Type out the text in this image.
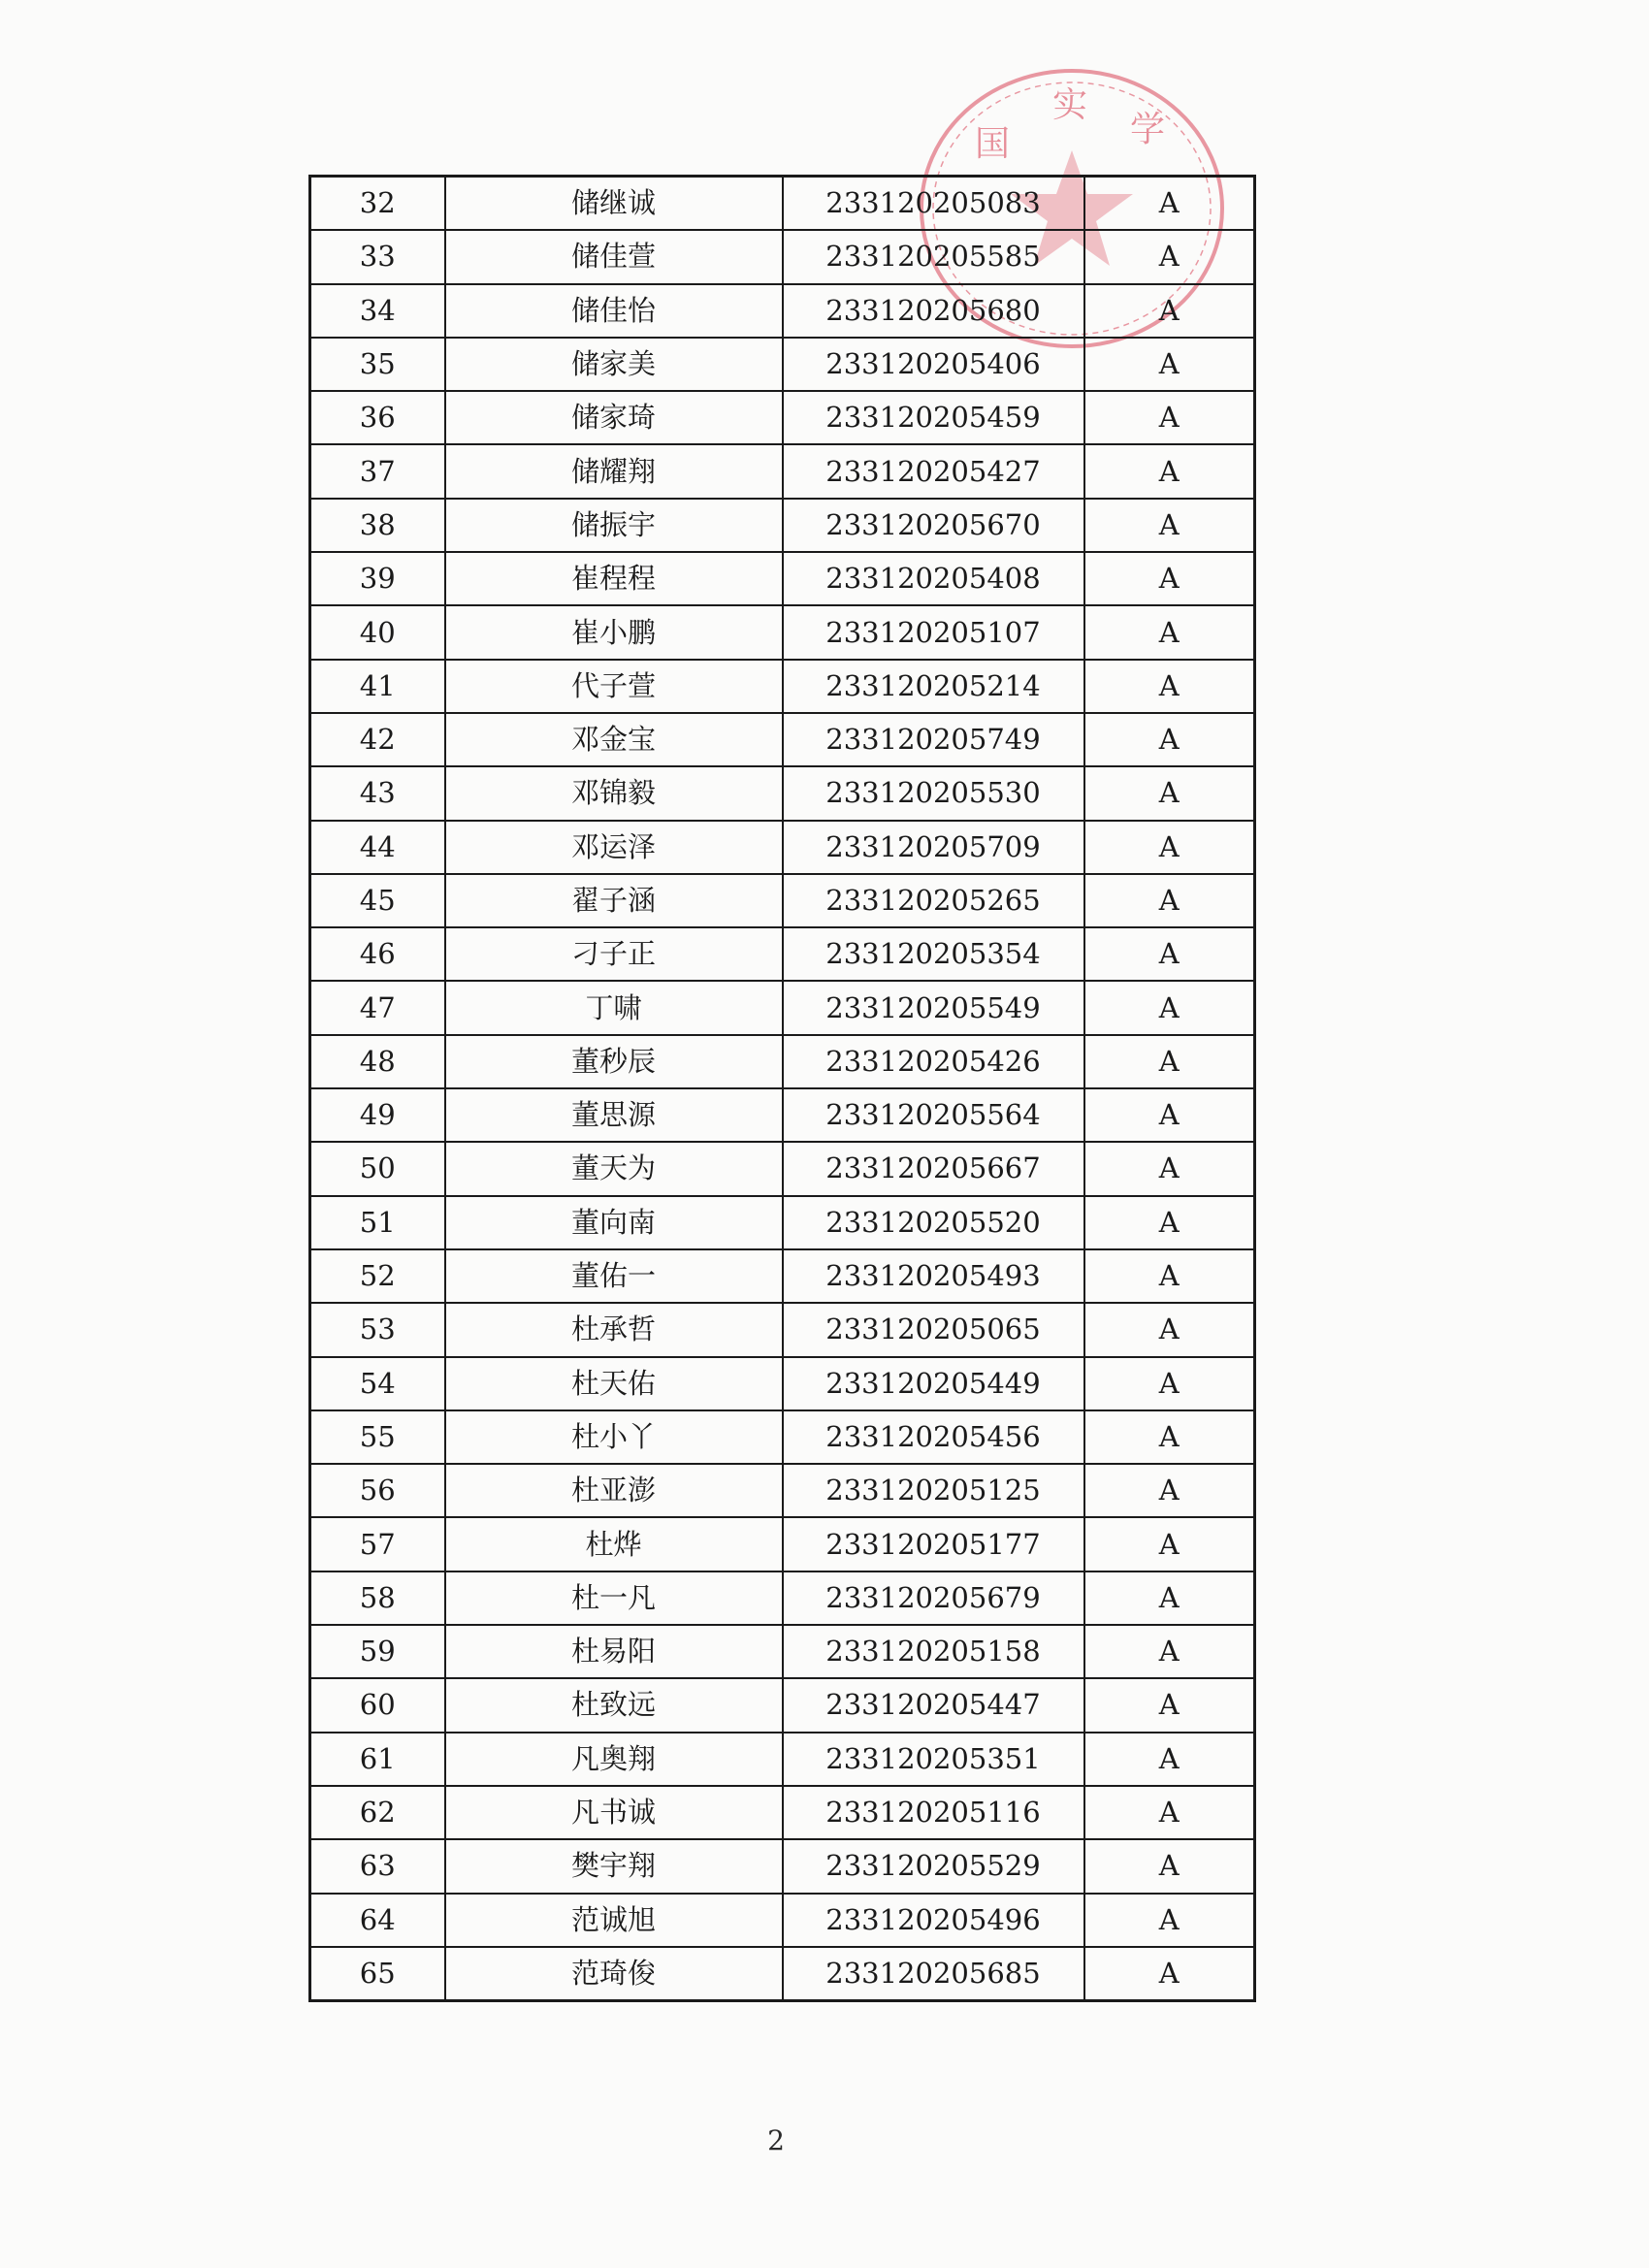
国
实
学
32	储继诚	233120205083	A
33	储佳萱	233120205585	A
34	储佳怡	233120205680	A
35	储家美	233120205406	A
36	储家琦	233120205459	A
37	储耀翔	233120205427	A
38	储振宇	233120205670	A
39	崔程程	233120205408	A
40	崔小鹏	233120205107	A
41	代子萱	233120205214	A
42	邓金宝	233120205749	A
43	邓锦毅	233120205530	A
44	邓运泽	233120205709	A
45	翟子涵	233120205265	A
46	刁子正	233120205354	A
47	丁啸	233120205549	A
48	董秒辰	233120205426	A
49	董思源	233120205564	A
50	董天为	233120205667	A
51	董向南	233120205520	A
52	董佑一	233120205493	A
53	杜承哲	233120205065	A
54	杜天佑	233120205449	A
55	杜小丫	233120205456	A
56	杜亚澎	233120205125	A
57	杜烨	233120205177	A
58	杜一凡	233120205679	A
59	杜易阳	233120205158	A
60	杜致远	233120205447	A
61	凡奥翔	233120205351	A
62	凡书诚	233120205116	A
63	樊宇翔	233120205529	A
64	范诚旭	233120205496	A
65	范琦俊	233120205685	A
2
